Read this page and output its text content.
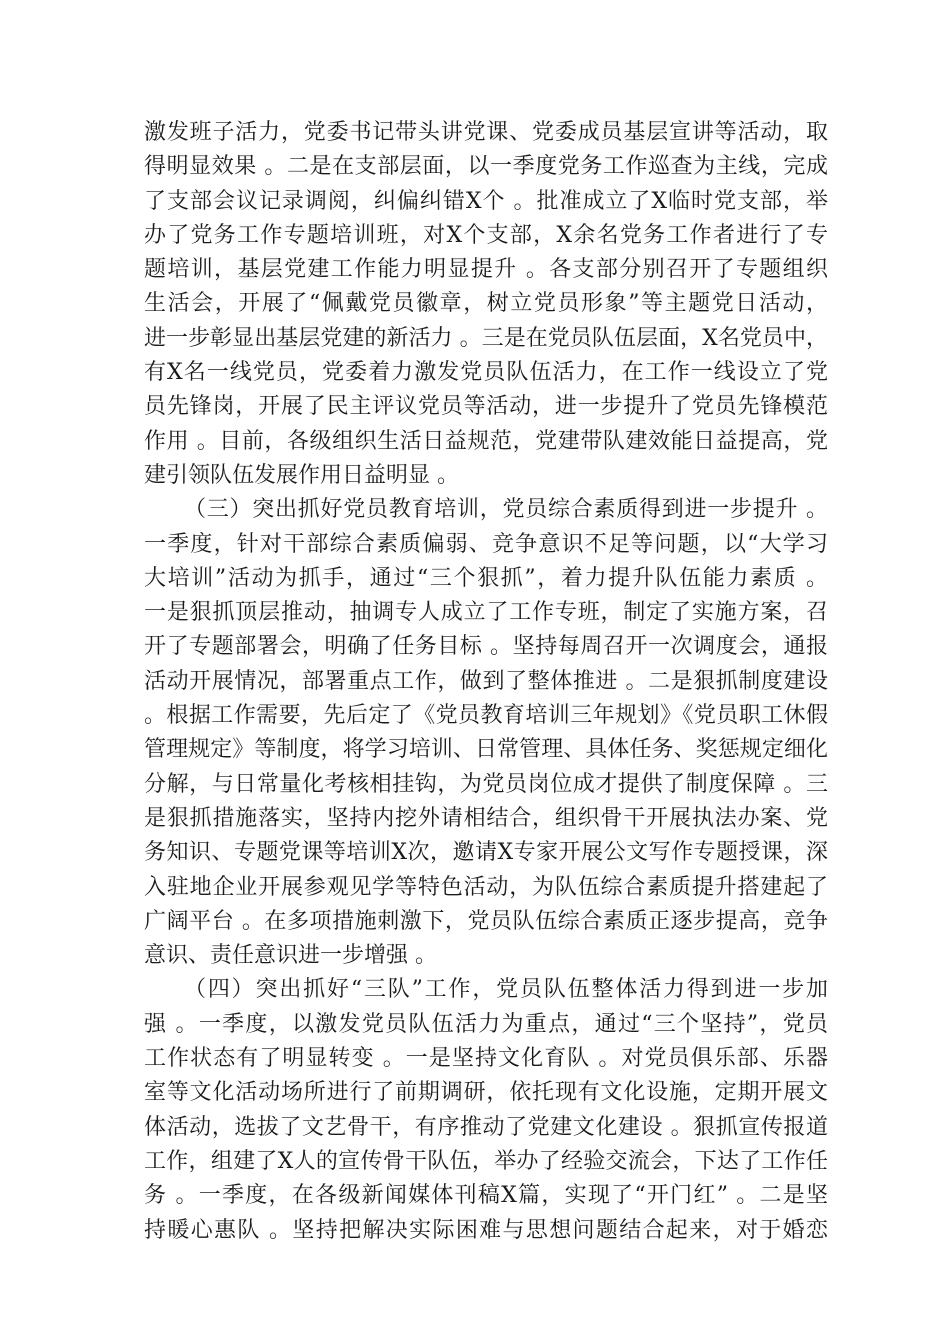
激发班子活力，党委书记带头讲党课、党委成员基层宣讲等活动，取
得明显效果 。二是在支部层面，以一季度党务工作巡查为主线，完成
了支部会议记录调阅，纠偏纠错X个 。批准成立了X临时党支部，举
办了党务工作专题培训班，对X个支部，X余名党务工作者进行了专
题培训，基层党建工作能力明显提升 。各支部分别召开了专题组织
生活会，开展了“佩戴党员徽章，树立党员形象”等主题党日活动，
进一步彰显出基层党建的新活力 。三是在党员队伍层面，X名党员中，
有X名一线党员，党委着力激发党员队伍活力，在工作一线设立了党
员先锋岗，开展了民主评议党员等活动，进一步提升了党员先锋模范
作用 。目前，各级组织生活日益规范，党建带队建效能日益提高，党
建引领队伍发展作用日益明显 。
（三）突出抓好党员教育培训，党员综合素质得到进一步提升 。
一季度，针对干部综合素质偏弱、竞争意识不足等问题，以“大学习
大培训”活动为抓手，通过“三个狠抓”，着力提升队伍能力素质 。
一是狠抓顶层推动，抽调专人成立了工作专班，制定了实施方案，召
开了专题部署会，明确了任务目标 。坚持每周召开一次调度会，通报
活动开展情况，部署重点工作，做到了整体推进 。二是狠抓制度建设
。根据工作需要，先后定了《党员教育培训三年规划》《党员职工休假
管理规定》等制度，将学习培训、日常管理、具体任务、奖惩规定细化
分解，与日常量化考核相挂钩，为党员岗位成才提供了制度保障 。三
是狠抓措施落实，坚持内挖外请相结合，组织骨干开展执法办案、党
务知识、专题党课等培训X次，邀请X专家开展公文写作专题授课，深
入驻地企业开展参观见学等特色活动，为队伍综合素质提升搭建起了
广阔平台 。在多项措施刺激下，党员队伍综合素质正逐步提高，竞争
意识、责任意识进一步增强 。
（四）突出抓好“三队”工作，党员队伍整体活力得到进一步加
强 。一季度，以激发党员队伍活力为重点，通过“三个坚持”，党员
工作状态有了明显转变 。一是坚持文化育队 。对党员俱乐部、乐器
室等文化活动场所进行了前期调研，依托现有文化设施，定期开展文
体活动，选拔了文艺骨干，有序推动了党建文化建设 。狠抓宣传报道
工作，组建了X人的宣传骨干队伍，举办了经验交流会，下达了工作任
务 。一季度，在各级新闻媒体刊稿X篇，实现了“开门红” 。二是坚
持暖心惠队 。坚持把解决实际困难与思想问题结合起来，对于婚恋
